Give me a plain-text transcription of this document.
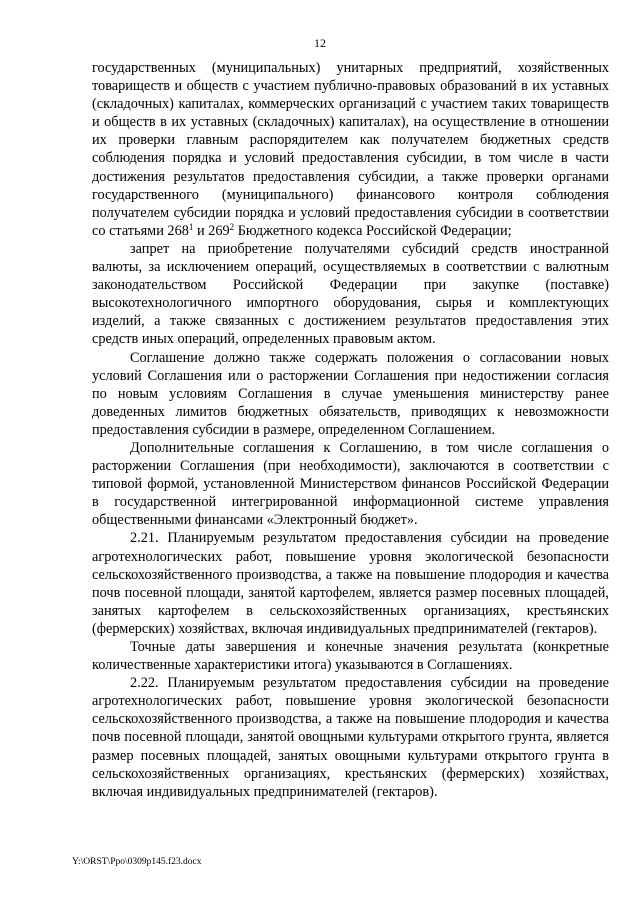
12

государственных (муниципальных) унитарных предприятий, хозяйственных товариществ и обществ с участием публично-правовых образований в их уставных (складочных) капиталах, коммерческих организаций с участием таких товариществ и обществ в их уставных (складочных) капиталах), на осуществление в отношении их проверки главным распорядителем как получателем бюджетных средств соблюдения порядка и условий предоставления субсидии, в том числе в части достижения результатов предоставления субсидии, а также проверки органами государственного (муниципального) финансового контроля соблюдения получателем субсидии порядка и условий предоставления субсидии в соответствии со статьями $268^1$ и $269^2$ Бюджетного кодекса Российской Федерации;

запрет на приобретение получателями субсидий средств иностранной валюты, за исключением операций, осуществляемых в соответствии с валютным законодательством Российской Федерации при закупке (поставке) высокотехнологичного импортного оборудования, сырья и комплектующих изделий, а также связанных с достижением результатов предоставления этих средств иных операций, определенных правовым актом.

Соглашение должно также содержать положения о согласовании новых условий Соглашения или о расторжении Соглашения при недостижении согласия по новым условиям Соглашения в случае уменьшения министерству ранее доведенных лимитов бюджетных обязательств, приводящих к невозможности предоставления субсидии в размере, определенном Соглашением.

Дополнительные соглашения к Соглашению, в том числе соглашения о расторжении Соглашения (при необходимости), заключаются в соответствии с типовой формой, установленной Министерством финансов Российской Федерации в государственной интегрированной информационной системе управления общественными финансами «Электронный бюджет».

2.21. Планируемым результатом предоставления субсидии на проведение агротехнологических работ, повышение уровня экологической безопасности сельскохозяйственного производства, а также на повышение плодородия и качества почв посевной площади, занятой картофелем, является размер посевных площадей, занятых картофелем в сельскохозяйственных организациях, крестьянских (фермерских) хозяйствах, включая индивидуальных предпринимателей (гектаров).

Точные даты завершения и конечные значения результата (конкретные количественные характеристики итога) указываются в Соглашениях.

2.22. Планируемым результатом предоставления субсидии на проведение агротехнологических работ, повышение уровня экологической безопасности сельскохозяйственного производства, а также на повышение плодородия и качества почв посевной площади, занятой овощными культурами открытого грунта, является размер посевных площадей, занятых овощными культурами открытого грунта в сельскохозяйственных организациях, крестьянских (фермерских) хозяйствах, включая индивидуальных предпринимателей (гектаров).

Y:\ORST\Ppo\0309p145.f23.docx
